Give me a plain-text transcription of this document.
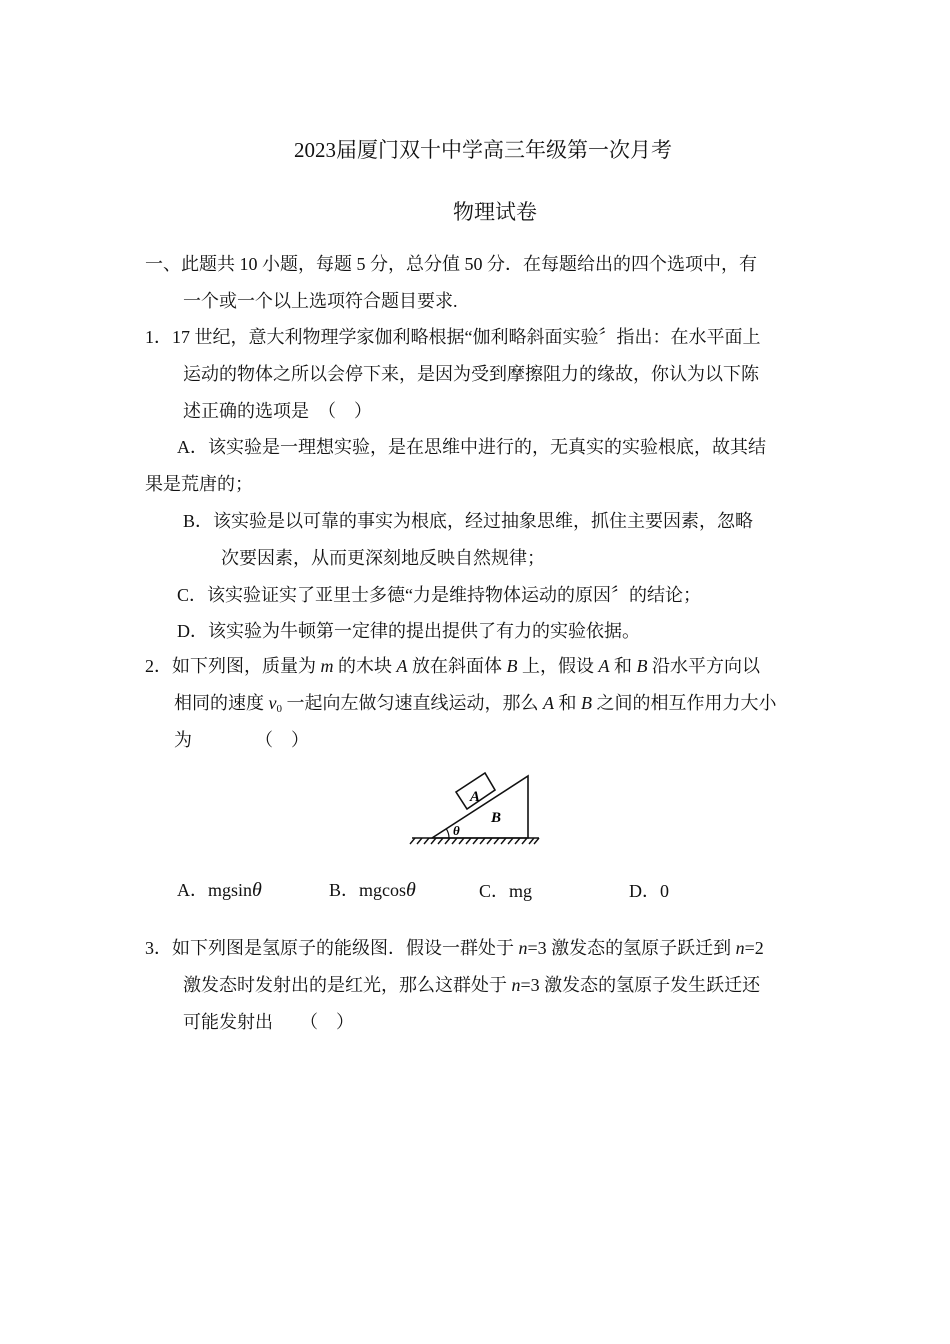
2023届厦门双十中学高三年级第一次月考
物理试卷
一、此题共 10 小题，每题 5 分，总分值 50 分．在每题给出的四个选项中，有
一个或一个以上选项符合题目要求.
1．17 世纪，意大利物理学家伽利略根据“伽利略斜面实验〞指出：在水平面上
运动的物体之所以会停下来，是因为受到摩擦阻力的缘故，你认为以下陈
述正确的选项是　（　）
A．该实验是一理想实验，是在思维中进行的，无真实的实验根底，故其结
果是荒唐的；
B．该实验是以可靠的事实为根底，经过抽象思维，抓住主要因素，忽略
次要因素，从而更深刻地反映自然规律；
C．该实验证实了亚里士多德“力是维持物体运动的原因〞的结论；
D．该实验为牛顿第一定律的提出提供了有力的实验依据。
2．如下列图，质量为 m 的木块 A 放在斜面体 B 上，假设 A 和 B 沿水平方向以
相同的速度 $v_0$ 一起向左做匀速直线运动，那么 A 和 B 之间的相互作用力大小
为　　　　（　）
A
B
θ
A．mgsinθ	B．mgcosθ	C．mg	D．0
3．如下列图是氢原子的能级图．假设一群处于 n=3 激发态的氢原子跃迁到 n=2
激发态时发射出的是红光，那么这群处于 n=3 激发态的氢原子发生跃迁还
可能发射出　　（　）
